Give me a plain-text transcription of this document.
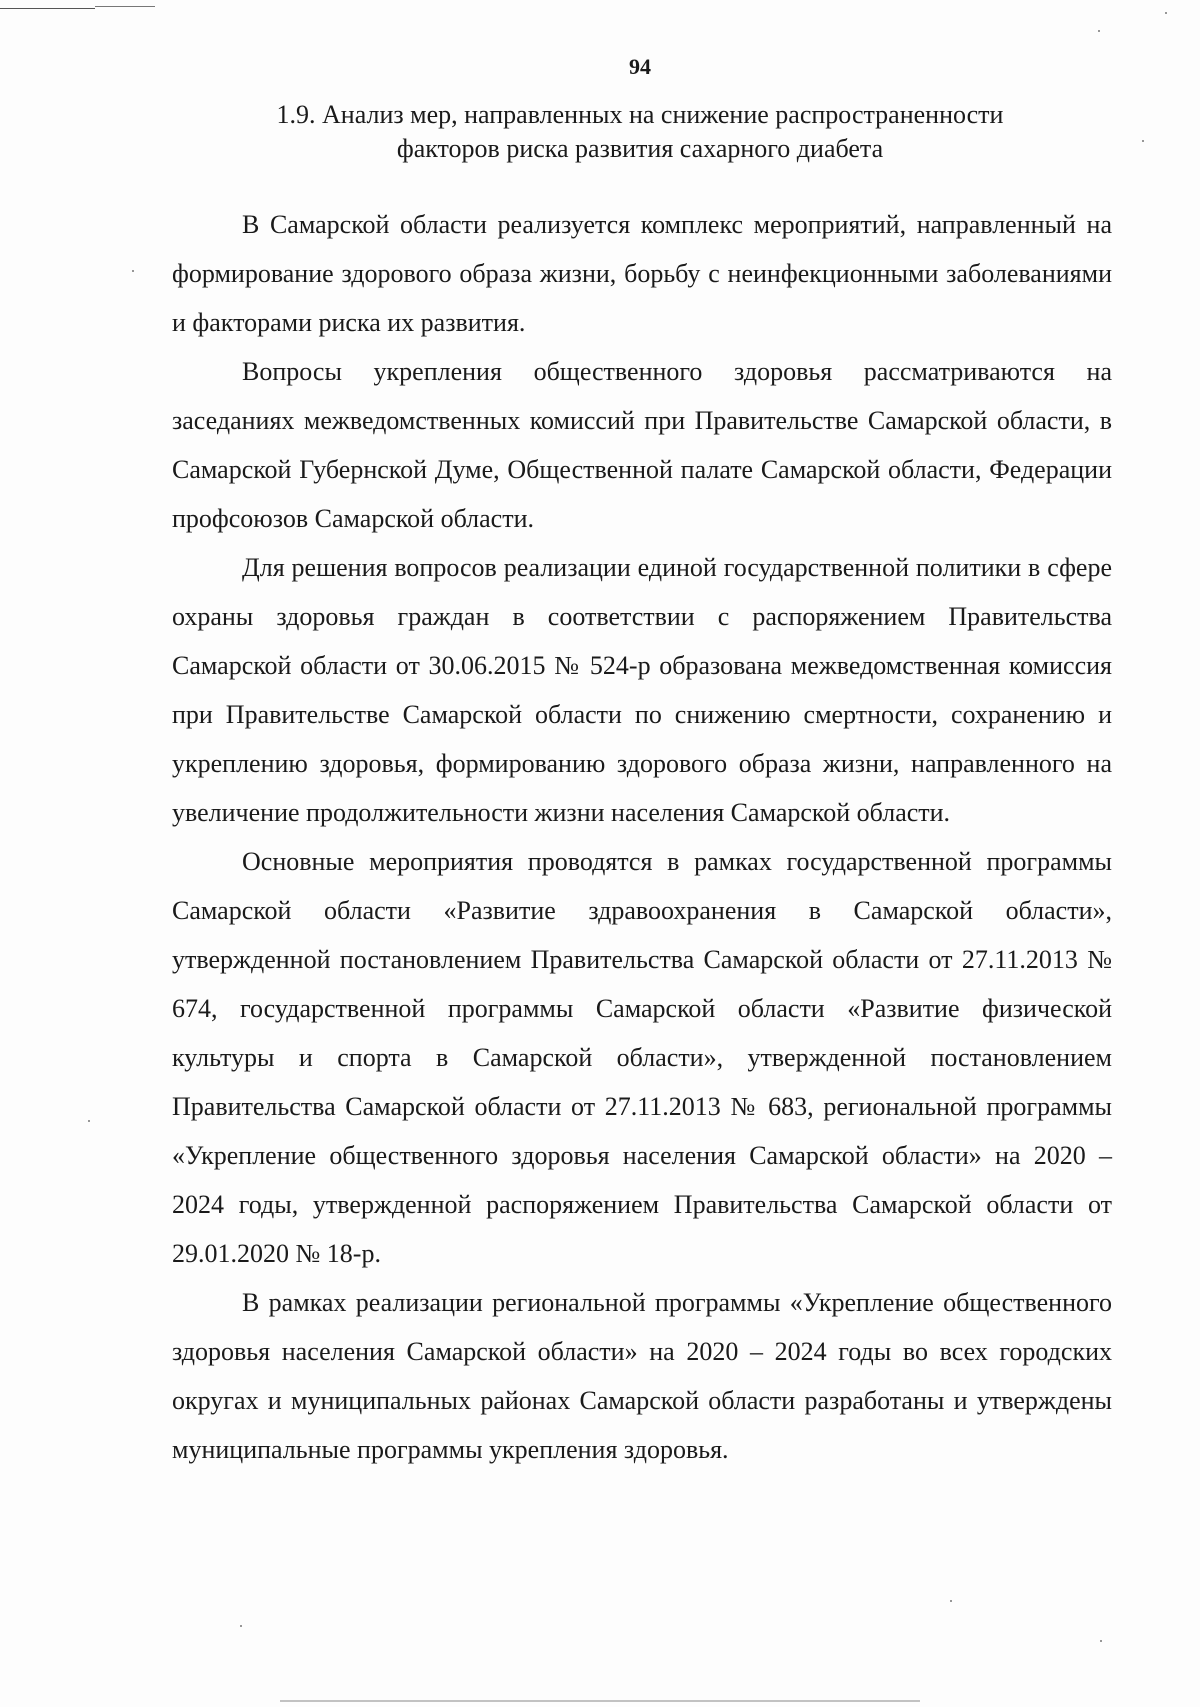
94
1.9. Анализ мер, направленных на снижение распространенности
факторов риска развития сахарного диабета

В Самарской области реализуется комплекс мероприятий, направленный на формирование здорового образа жизни, борьбу с неинфекционными заболеваниями и факторами риска их развития.

Вопросы укрепления общественного здоровья рассматриваются на заседаниях межведомственных комиссий при Правительстве Самарской области, в Самарской Губернской Думе, Общественной палате Самарской области, Федерации профсоюзов Самарской области.

Для решения вопросов реализации единой государственной политики в сфере охраны здоровья граждан в соответствии с распоряжением Правительства Самарской области от 30.06.2015 № 524-р образована межведомственная комиссия при Правительстве Самарской области по снижению смертности, сохранению и укреплению здоровья, формированию здорового образа жизни, направленного на увеличение продолжительности жизни населения Самарской области.

Основные мероприятия проводятся в рамках государственной программы Самарской области «Развитие здравоохранения в Самарской области», утвержденной постановлением Правительства Самарской области от 27.11.2013 № 674, государственной программы Самарской области «Развитие физической культуры и спорта в Самарской области», утвержденной постановлением Правительства Самарской области от 27.11.2013 № 683, региональной программы «Укрепление общественного здоровья населения Самарской области» на 2020 – 2024 годы, утвержденной распоряжением Правительства Самарской области от 29.01.2020 № 18-р.

В рамках реализации региональной программы «Укрепление общественного здоровья населения Самарской области» на 2020 – 2024 годы во всех городских округах и муниципальных районах Самарской области разработаны и утверждены муниципальные программы укрепления здоровья.
